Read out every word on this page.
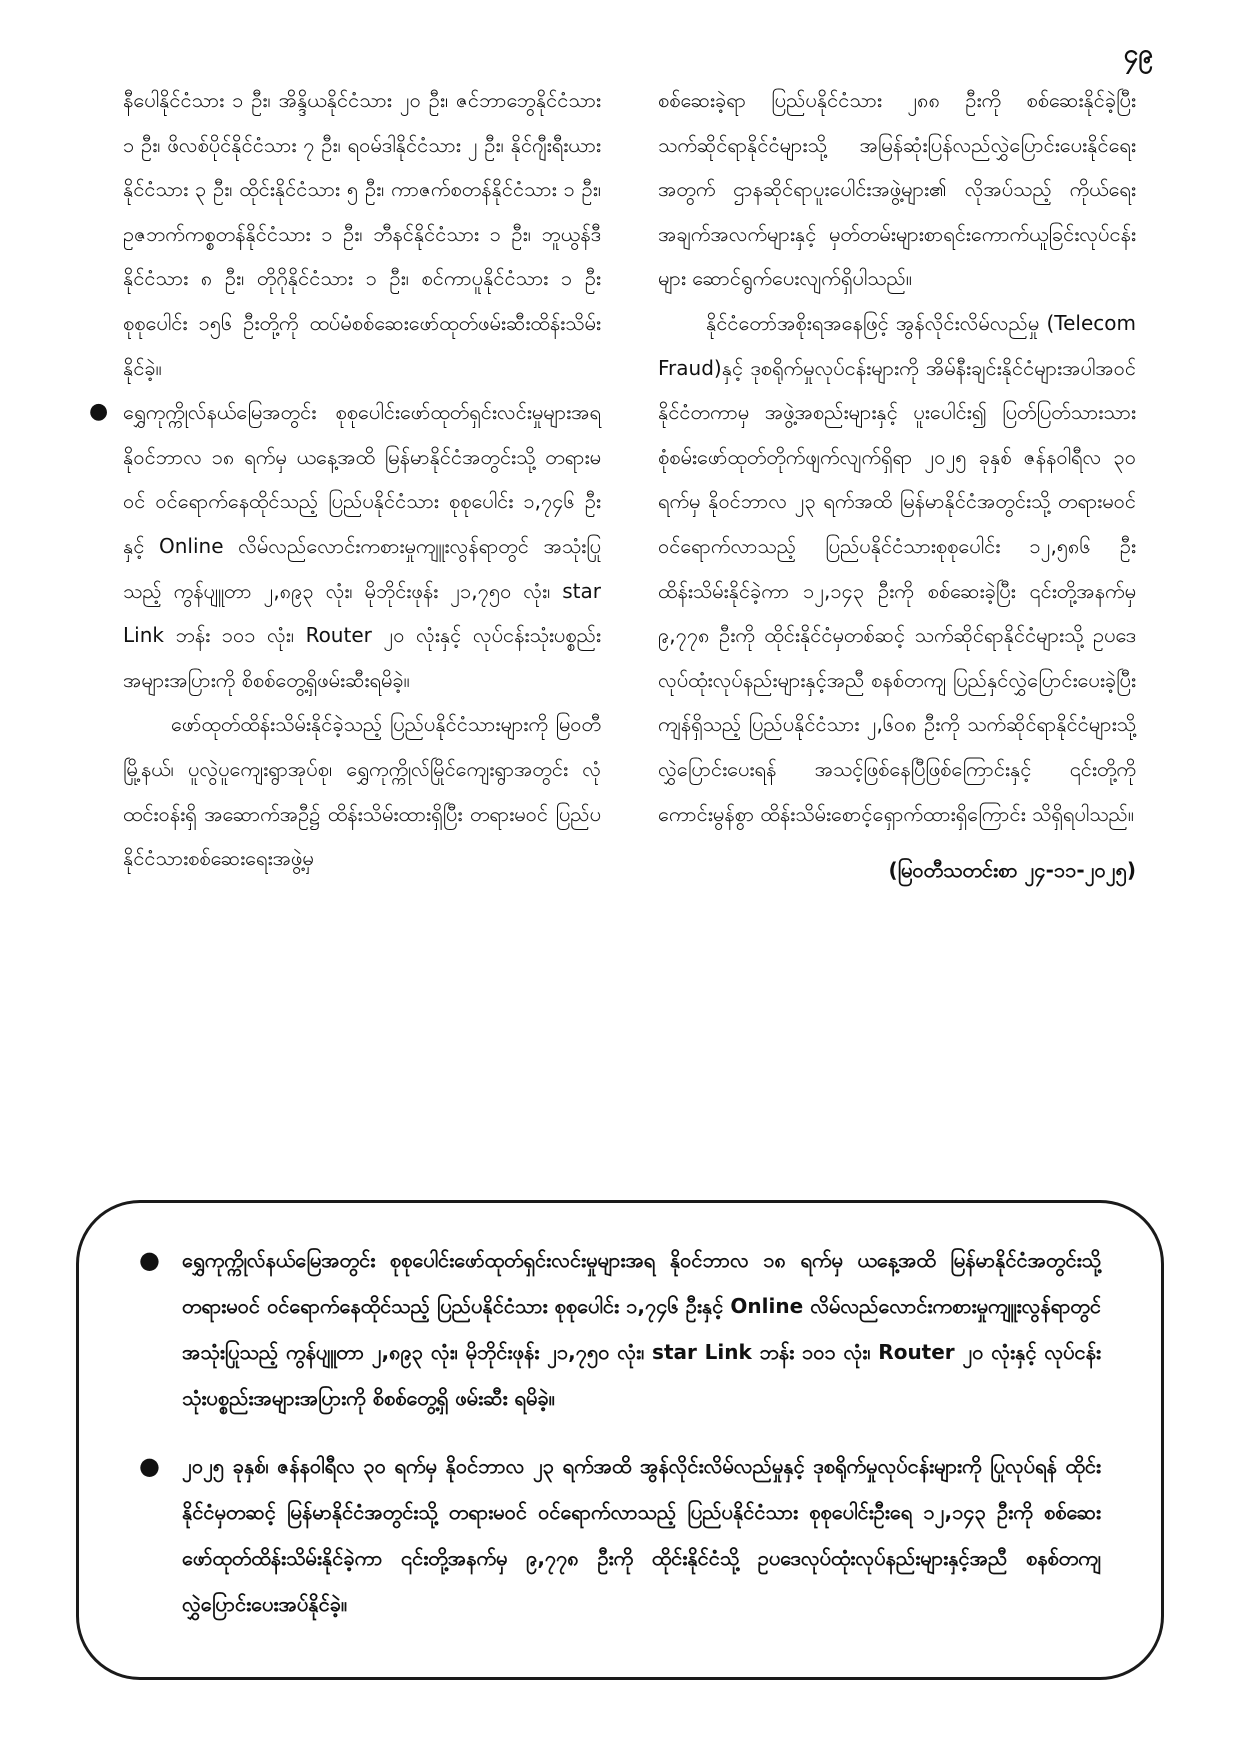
၄၉

နီပေါနိုင်ငံသား ၁ ဦး၊ အိန္ဒိယနိုင်ငံသား ၂၀ ဦး၊ ဇင်ဘာဘွေနိုင်ငံသား ၁ ဦး၊ ဖိလစ်ပိုင်နိုင်ငံသား ၇ ဦး၊ ရဝမ်ဒါနိုင်ငံသား ၂ ဦး၊ နိုင်ဂျီးရီးယားနိုင်ငံသား ၃ ဦး၊ ထိုင်းနိုင်ငံသား ၅ ဦး၊ ကာဇက်စတန်နိုင်ငံသား ၁ ဦး၊ ဥဇဘက်ကစ္စတန်နိုင်ငံသား ၁ ဦး၊ ဘီနင်နိုင်ငံသား ၁ ဦး၊ ဘူယွန်ဒီနိုင်ငံသား ၈ ဦး၊ တိုဂိုနိုင်ငံသား ၁ ဦး၊ စင်ကာပူနိုင်ငံသား ၁ ဦး စုစုပေါင်း ၁၅၆ ဦးတို့ကို ထပ်မံစစ်ဆေးဖော်ထုတ်ဖမ်းဆီးထိန်းသိမ်းနိုင်ခဲ့။

● ရွှေကုက္ကိုလ်နယ်မြေအတွင်း စုစုပေါင်းဖော်ထုတ်ရှင်းလင်းမှုများအရ နိုဝင်ဘာလ ၁၈ ရက်မှ ယနေ့အထိ မြန်မာနိုင်ငံအတွင်းသို့ တရားမဝင် ဝင်ရောက်နေထိုင်သည့် ပြည်ပနိုင်ငံသား စုစုပေါင်း ၁,၇၄၆ ဦးနှင့် Online လိမ်လည်လောင်းကစားမှုကျူးလွန်ရာတွင် အသုံးပြုသည့် ကွန်ပျူတာ ၂,၈၉၃ လုံး၊ မိုဘိုင်းဖုန်း ၂၁,၇၅၀ လုံး၊ star Link ဘန်း ၁၀၁ လုံး၊ Router ၂၀ လုံးနှင့် လုပ်ငန်းသုံးပစ္စည်းအများအပြားကို စိစစ်တွေ့ရှိဖမ်းဆီးရမိခဲ့။

ဖော်ထုတ်ထိန်းသိမ်းနိုင်ခဲ့သည့် ပြည်ပနိုင်ငံသားများကို မြဝတီမြို့နယ်၊ ပူလွဲပူကျေးရွာအုပ်စု၊ ရွှေကုက္ကိုလ်မြိုင်ကျေးရွာအတွင်း လုံထင်းဝန်းရှိ အဆောက်အဦ၌ ထိန်းသိမ်းထားရှိပြီး တရားမဝင် ပြည်ပနိုင်ငံသားစစ်ဆေးရေးအဖွဲ့မှ

စစ်ဆေးခဲ့ရာ ပြည်ပနိုင်ငံသား ၂၈၈ ဦးကို စစ်ဆေးနိုင်ခဲ့ပြီး သက်ဆိုင်ရာနိုင်ငံများသို့ အမြန်ဆုံးပြန်လည်လွှဲပြောင်းပေးနိုင်ရေးအတွက် ဌာနဆိုင်ရာပူးပေါင်းအဖွဲ့များ၏ လိုအပ်သည့် ကိုယ်ရေးအချက်အလက်များနှင့် မှတ်တမ်းများစာရင်းကောက်ယူခြင်းလုပ်ငန်းများ ဆောင်ရွက်ပေးလျက်ရှိပါသည်။

နိုင်ငံတော်အစိုးရအနေဖြင့် အွန်လိုင်းလိမ်လည်မှု (Telecom Fraud)နှင့် ဒုစရိုက်မှုလုပ်ငန်းများကို အိမ်နီးချင်းနိုင်ငံများအပါအဝင် နိုင်ငံတကာမှ အဖွဲ့အစည်းများနှင့် ပူးပေါင်း၍ ပြတ်ပြတ်သားသား စုံစမ်းဖော်ထုတ်တိုက်ဖျက်လျက်ရှိရာ ၂၀၂၅ ခုနှစ် ဇန်နဝါရီလ ၃၀ ရက်မှ နိုဝင်ဘာလ ၂၃ ရက်အထိ မြန်မာနိုင်ငံအတွင်းသို့ တရားမဝင် ဝင်ရောက်လာသည့် ပြည်ပနိုင်ငံသားစုစုပေါင်း ၁၂,၅၈၆ ဦး ထိန်းသိမ်းနိုင်ခဲ့ကာ ၁၂,၁၄၃ ဦးကို စစ်ဆေးခဲ့ပြီး ၎င်းတို့အနက်မှ ၉,၇၇၈ ဦးကို ထိုင်းနိုင်ငံမှတစ်ဆင့် သက်ဆိုင်ရာနိုင်ငံများသို့ ဥပဒေလုပ်ထုံးလုပ်နည်းများနှင့်အညီ စနစ်တကျ ပြည်နှင်လွှဲပြောင်းပေးခဲ့ပြီး ကျန်ရှိသည့် ပြည်ပနိုင်ငံသား ၂,၆၀၈ ဦးကို သက်ဆိုင်ရာနိုင်ငံများသို့ လွှဲပြောင်းပေးရန် အသင့်ဖြစ်နေပြီဖြစ်ကြောင်းနှင့် ၎င်းတို့ကို ကောင်းမွန်စွာ ထိန်းသိမ်းစောင့်ရှောက်ထားရှိကြောင်း သိရှိရပါသည်။

(မြဝတီသတင်းစာ ၂၄-၁၁-၂၀၂၅)
● ရွှေကုက္ကိုလ်နယ်မြေအတွင်း စုစုပေါင်းဖော်ထုတ်ရှင်းလင်းမှုများအရ နိုဝင်ဘာလ ၁၈ ရက်မှ ယနေ့အထိ မြန်မာနိုင်ငံအတွင်းသို့ တရားမဝင် ဝင်ရောက်နေထိုင်သည့် ပြည်ပနိုင်ငံသား စုစုပေါင်း ၁,၇၄၆ ဦးနှင့် Online လိမ်လည်လောင်းကစားမှုကျူးလွန်ရာတွင် အသုံးပြုသည့် ကွန်ပျူတာ ၂,၈၉၃ လုံး၊ မိုဘိုင်းဖုန်း ၂၁,၇၅၀ လုံး၊ star Link ဘန်း ၁၀၁ လုံး၊ Router ၂၀ လုံးနှင့် လုပ်ငန်းသုံးပစ္စည်းအများအပြားကို စိစစ်တွေ့ရှိ ဖမ်းဆီး ရမိခဲ့။
● ၂၀၂၅ ခုနှစ်၊ ဇန်နဝါရီလ ၃၀ ရက်မှ နိုဝင်ဘာလ ၂၃ ရက်အထိ အွန်လိုင်းလိမ်လည်မှုနှင့် ဒုစရိုက်မှုလုပ်ငန်းများကို ပြုလုပ်ရန် ထိုင်းနိုင်ငံမှတဆင့် မြန်မာနိုင်ငံအတွင်းသို့ တရားမဝင် ဝင်ရောက်လာသည့် ပြည်ပနိုင်ငံသား စုစုပေါင်းဦးရေ ၁၂,၁၄၃ ဦးကို စစ်ဆေးဖော်ထုတ်ထိန်းသိမ်းနိုင်ခဲ့ကာ ၎င်းတို့အနက်မှ ၉,၇၇၈ ဦးကို ထိုင်းနိုင်ငံသို့ ဥပဒေလုပ်ထုံးလုပ်နည်းများနှင့်အညီ စနစ်တကျ လွှဲပြောင်းပေးအပ်နိုင်ခဲ့။
